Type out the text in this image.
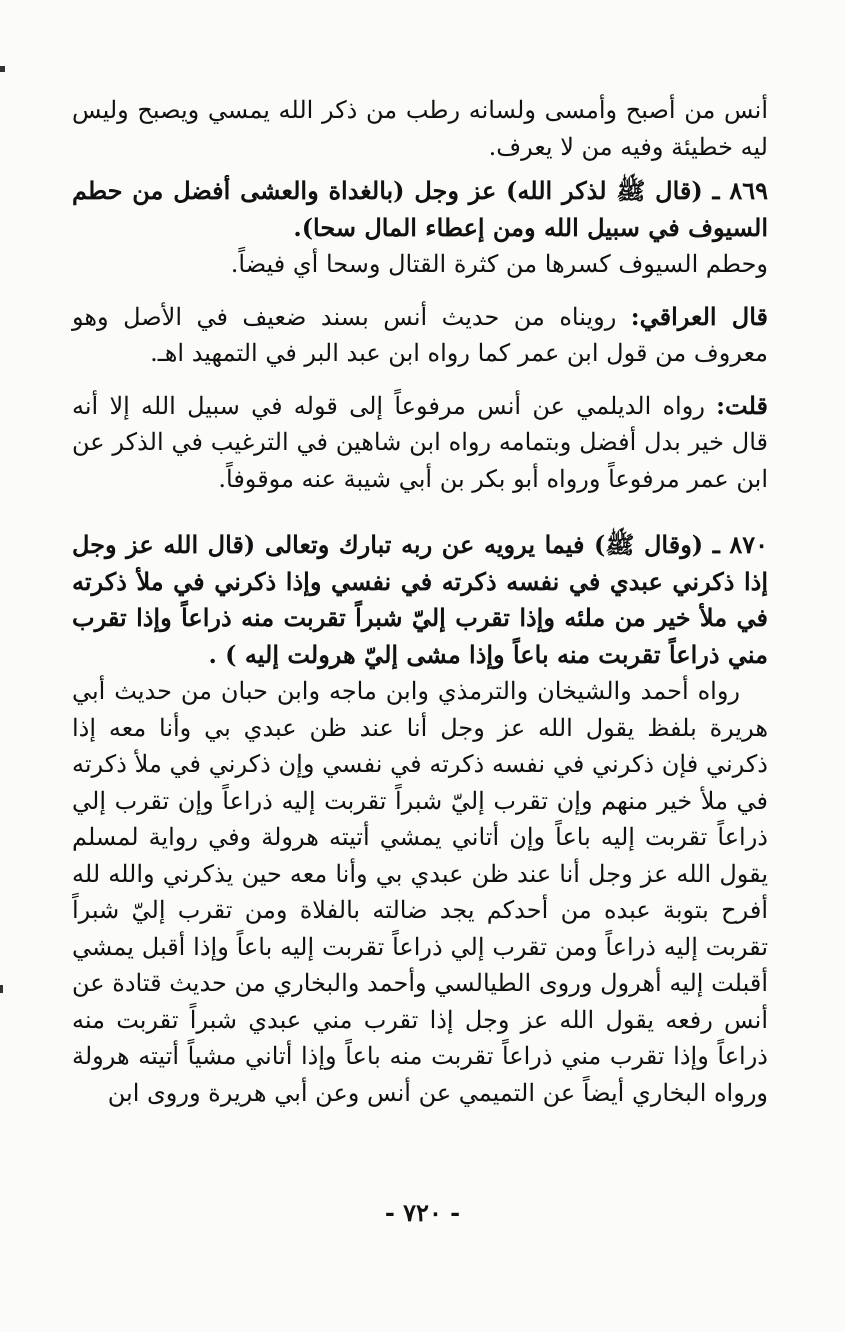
أنس من أصبح وأمسى ولسانه رطب من ذكر الله يمسي ويصبح وليس ليه خطيئة وفيه من لا يعرف.

٨٦٩ ـ (قال ﷺ لذكر الله) عز وجل (بالغداة والعشى أفضل من حطم السيوف في سبيل الله ومن إعطاء المال سحا).

وحطم السيوف كسرها من كثرة القتال وسحا أي فيضاً.

قال العراقي: رويناه من حديث أنس بسند ضعيف في الأصل وهو معروف من قول ابن عمر كما رواه ابن عبد البر في التمهيد اهـ.

قلت: رواه الديلمي عن أنس مرفوعاً إلى قوله في سبيل الله إلا أنه قال خير بدل أفضل وبتمامه رواه ابن شاهين في الترغيب في الذكر عن ابن عمر مرفوعاً ورواه أبو بكر بن أبي شيبة عنه موقوفاً.

٨٧٠ ـ (وقال ﷺ) فيما يرويه عن ربه تبارك وتعالى (قال الله عز وجل إذا ذكرني عبدي في نفسه ذكرته في نفسي وإذا ذكرني في ملأ ذكرته في ملأ خير من ملئه وإذا تقرب إليّ شبراً تقربت منه ذراعاً وإذا تقرب مني ذراعاً تقربت منه باعاً وإذا مشى إليّ هرولت إليه ) .

رواه أحمد والشيخان والترمذي وابن ماجه وابن حبان من حديث أبي هريرة بلفظ يقول الله عز وجل أنا عند ظن عبدي بي وأنا معه إذا ذكرني فإن ذكرني في نفسه ذكرته في نفسي وإن ذكرني في ملأ ذكرته في ملأ خير منهم وإن تقرب إليّ شبراً تقربت إليه ذراعاً وإن تقرب إلي ذراعاً تقربت إليه باعاً وإن أتاني يمشي أتيته هرولة وفي رواية لمسلم يقول الله عز وجل أنا عند ظن عبدي بي وأنا معه حين يذكرني والله لله أفرح بتوبة عبده من أحدكم يجد ضالته بالفلاة ومن تقرب إليّ شبراً تقربت إليه ذراعاً ومن تقرب إلي ذراعاً تقربت إليه باعاً وإذا أقبل يمشي أقبلت إليه أهرول وروى الطيالسي وأحمد والبخاري من حديث قتادة عن أنس رفعه يقول الله عز وجل إذا تقرب مني عبدي شبراً تقربت منه ذراعاً وإذا تقرب مني ذراعاً تقربت منه باعاً وإذا أتاني مشياً أتيته هرولة ورواه البخاري أيضاً عن التميمي عن أنس وعن أبي هريرة وروى ابن

- ٧٢٠ -
